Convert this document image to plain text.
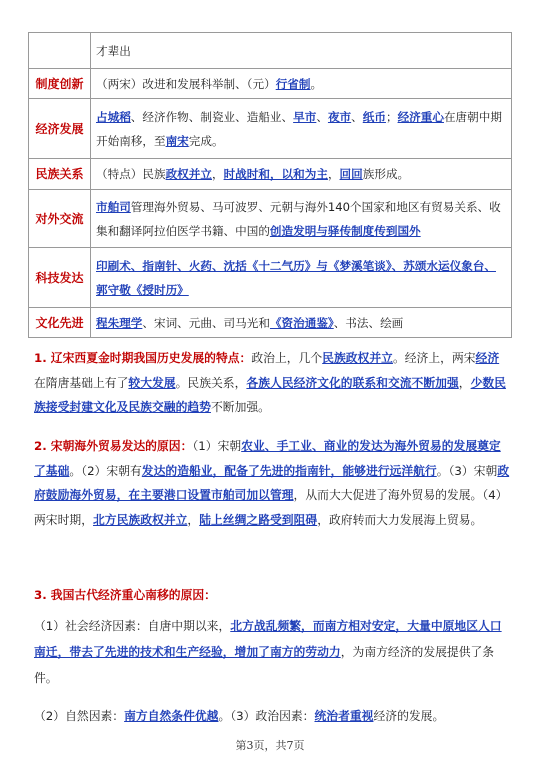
	才辈出
制度创新	（两宋）改进和发展科举制、（元）行省制。
经济发展	占城稻、经济作物、制瓷业、造船业、早市、夜市、纸币；经济重心在唐朝中期开始南移，至南宋完成。
民族关系	（特点）民族政权并立，时战时和，以和为主，回回族形成。
对外交流	市舶司管理海外贸易、马可波罗、元朝与海外140个国家和地区有贸易关系、收集和翻译阿拉伯医学书籍、中国的创造发明与驿传制度传到国外
科技发达	印刷术、指南针、火药、沈括《十二气历》与《梦溪笔谈》、苏颂水运仪象台、郭守敬《授时历》
文化先进	程朱理学、宋词、元曲、司马光和《资治通鉴》、书法、绘画
1. 辽宋西夏金时期我国历史发展的特点：政治上，几个民族政权并立。经济上，两宋经济在隋唐基础上有了较大发展。民族关系，各族人民经济文化的联系和交流不断加强，少数民族接受封建文化及民族交融的趋势不断加强。
2. 宋朝海外贸易发达的原因：（1）宋朝农业、手工业、商业的发达为海外贸易的发展奠定了基础。（2）宋朝有发达的造船业，配备了先进的指南针，能够进行远洋航行。（3）宋朝政府鼓励海外贸易，在主要港口设置市舶司加以管理，从而大大促进了海外贸易的发展。（4）两宋时期，北方民族政权并立，陆上丝绸之路受到阻碍，政府转而大力发展海上贸易。
3. 我国古代经济重心南移的原因：
（1）社会经济因素：自唐中期以来，北方战乱频繁，而南方相对安定，大量中原地区人口南迁，带去了先进的技术和生产经验，增加了南方的劳动力，为南方经济的发展提供了条件。
（2）自然因素：南方自然条件优越。（3）政治因素：统治者重视经济的发展。
第3页，共7页
